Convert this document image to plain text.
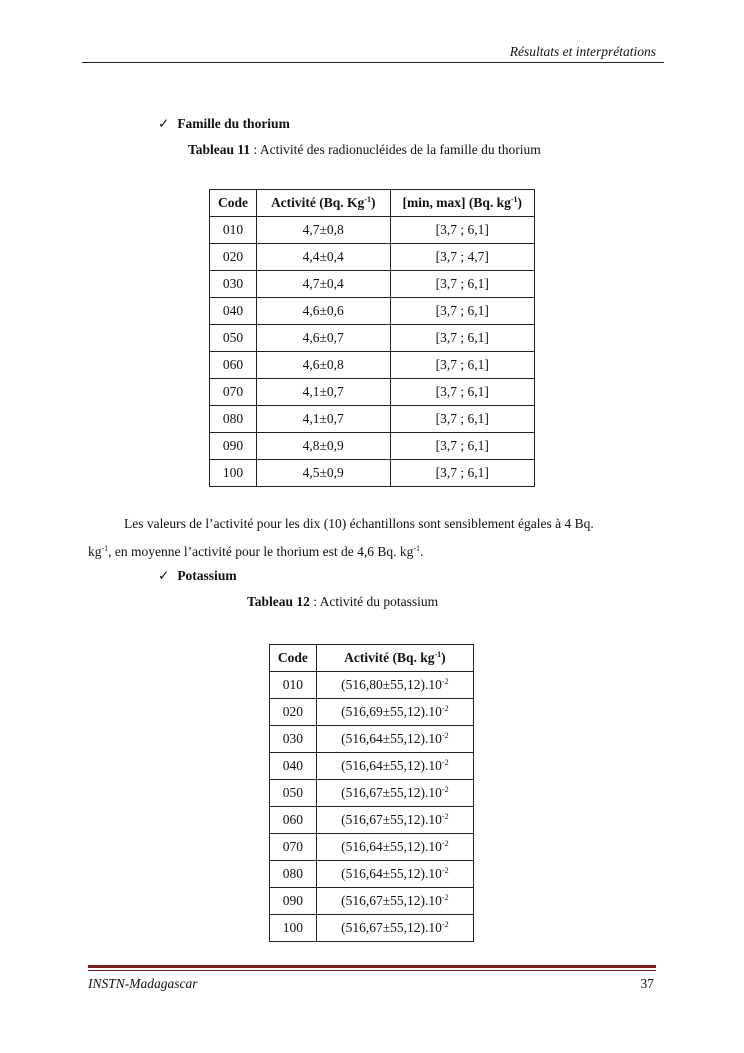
Résultats et interprétations
✓ Famille du thorium
Tableau 11 : Activité des radionucléides de la famille du thorium
Code	Activité (Bq. $Kg^{-1}$)	[min, max] (Bq. $kg^{-1}$)
010	4,7±0,8	[3,7 ; 6,1]
020	4,4±0,4	[3,7 ; 4,7]
030	4,7±0,4	[3,7 ; 6,1]
040	4,6±0,6	[3,7 ; 6,1]
050	4,6±0,7	[3,7 ; 6,1]
060	4,6±0,8	[3,7 ; 6,1]
070	4,1±0,7	[3,7 ; 6,1]
080	4,1±0,7	[3,7 ; 6,1]
090	4,8±0,9	[3,7 ; 6,1]
100	4,5±0,9	[3,7 ; 6,1]
Les valeurs de l’activité pour les dix (10) échantillons sont sensiblement égales à 4 Bq.

$kg^{-1}$, en moyenne l’activité pour le thorium est de 4,6 Bq. $kg^{-1}$.
✓ Potassium
Tableau 12 : Activité du potassium
Code	Activité (Bq. $kg^{-1}$)
010	$(516,80\pm 55,12).10^{-2}$
020	$(516,69\pm 55,12).10^{-2}$
030	$(516,64\pm 55,12).10^{-2}$
040	$(516,64\pm 55,12).10^{-2}$
050	$(516,67\pm 55,12).10^{-2}$
060	$(516,67\pm 55,12).10^{-2}$
070	$(516,64\pm 55,12).10^{-2}$
080	$(516,64\pm 55,12).10^{-2}$
090	$(516,67\pm 55,12).10^{-2}$
100	$(516,67\pm 55,12).10^{-2}$
INSTN-Madagascar	37
